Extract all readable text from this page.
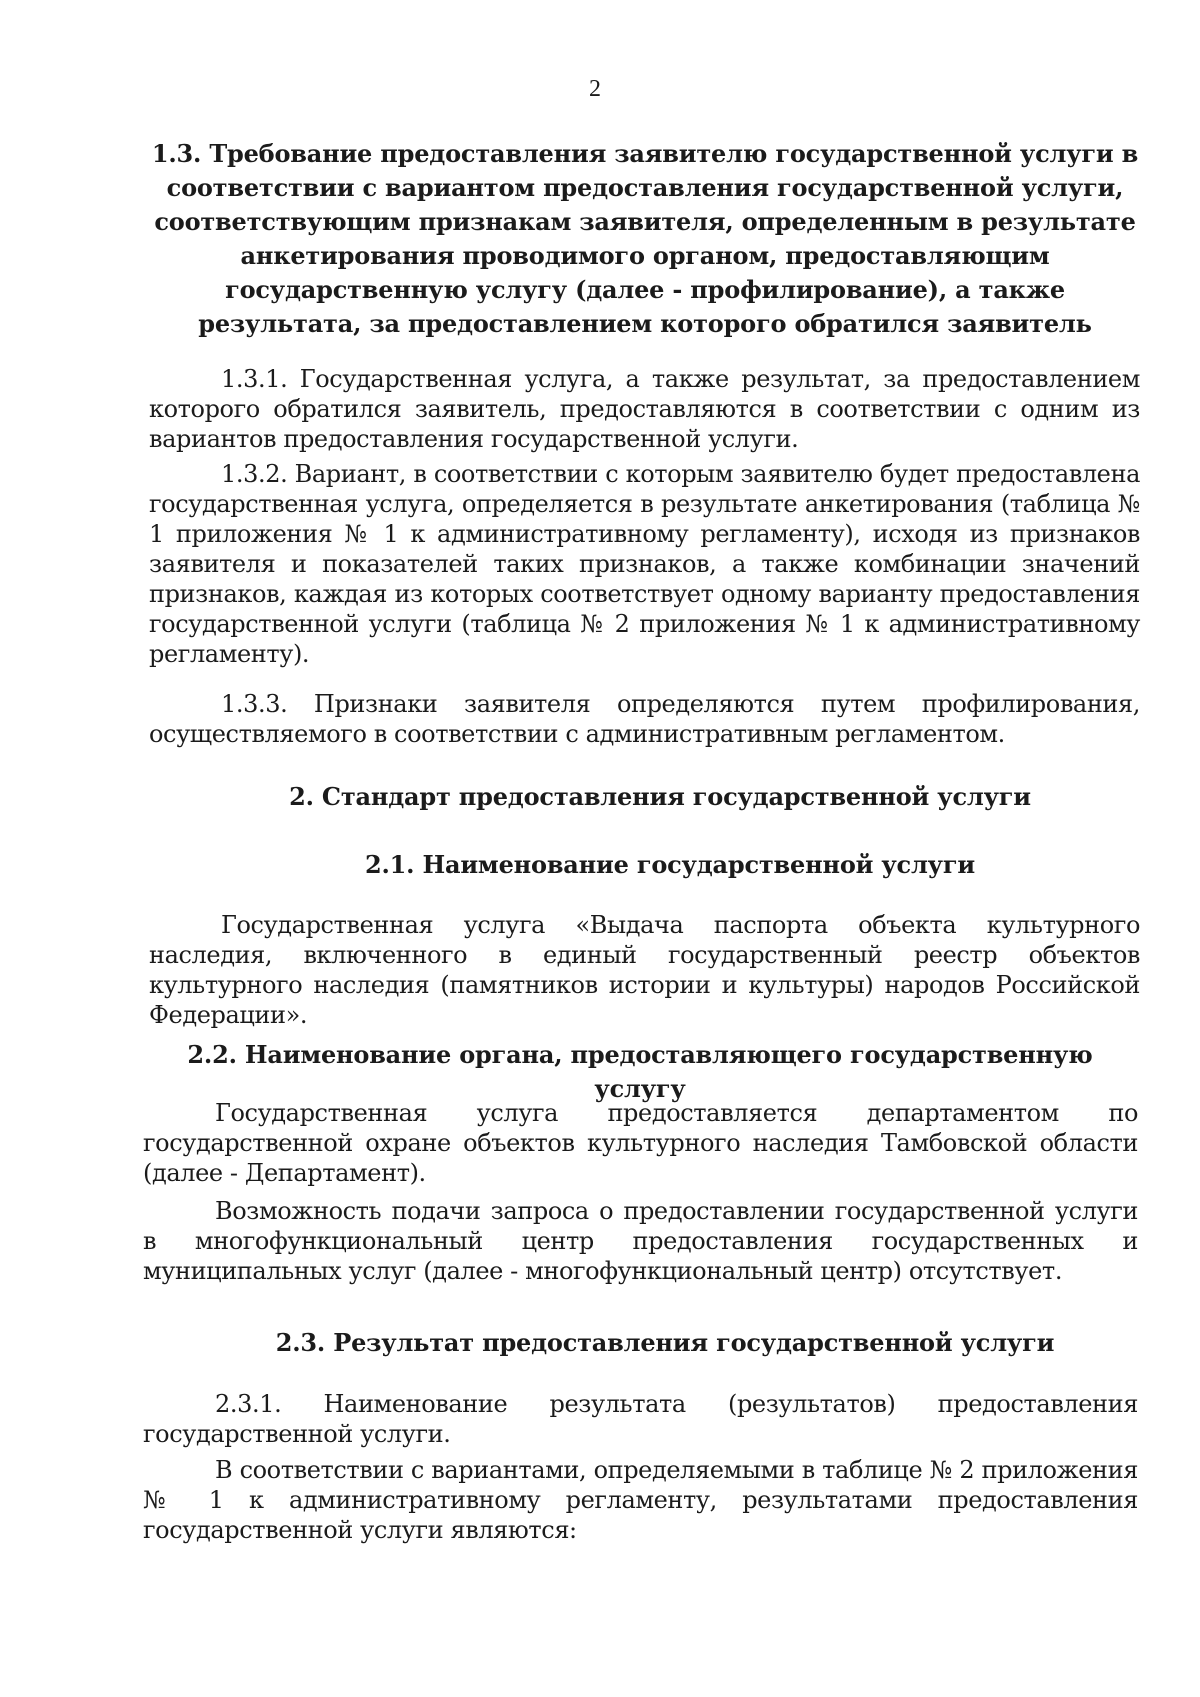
2
1.3. Требование предоставления заявителю государственной услуги в соответствии с вариантом предоставления государственной услуги, соответствующим признакам заявителя, определенным в результате анкетирования проводимого органом, предоставляющим государственную услугу (далее - профилирование), а также результата, за предоставлением которого обратился заявитель
1.3.1. Государственная услуга, а также результат, за предоставлением которого обратился заявитель, предоставляются в соответствии с одним из вариантов предоставления государственной услуги.
1.3.2. Вариант, в соответствии с которым заявителю будет предоставлена государственная услуга, определяется в результате анкетирования (таблица № 1 приложения № 1 к административному регламенту), исходя из признаков заявителя и показателей таких признаков, а также комбинации значений признаков, каждая из которых соответствует одному варианту предоставления государственной услуги (таблица № 2 приложения № 1 к административному регламенту).
1.3.3. Признаки заявителя определяются путем профилирования, осуществляемого в соответствии с административным регламентом.
2. Стандарт предоставления государственной услуги
2.1. Наименование государственной услуги
Государственная услуга «Выдача паспорта объекта культурного наследия, включенного в единый государственный реестр объектов культурного наследия (памятников истории и культуры) народов Российской Федерации».
2.2. Наименование органа, предоставляющего государственную услугу
Государственная услуга предоставляется департаментом по государственной охране объектов культурного наследия Тамбовской области (далее - Департамент).
Возможность подачи запроса о предоставлении государственной услуги в многофункциональный центр предоставления государственных и муниципальных услуг (далее - многофункциональный центр) отсутствует.
2.3. Результат предоставления государственной услуги
2.3.1. Наименование результата (результатов) предоставления государственной услуги.
В соответствии с вариантами, определяемыми в таблице № 2 приложения № 1 к административному регламенту, результатами предоставления государственной услуги являются:
